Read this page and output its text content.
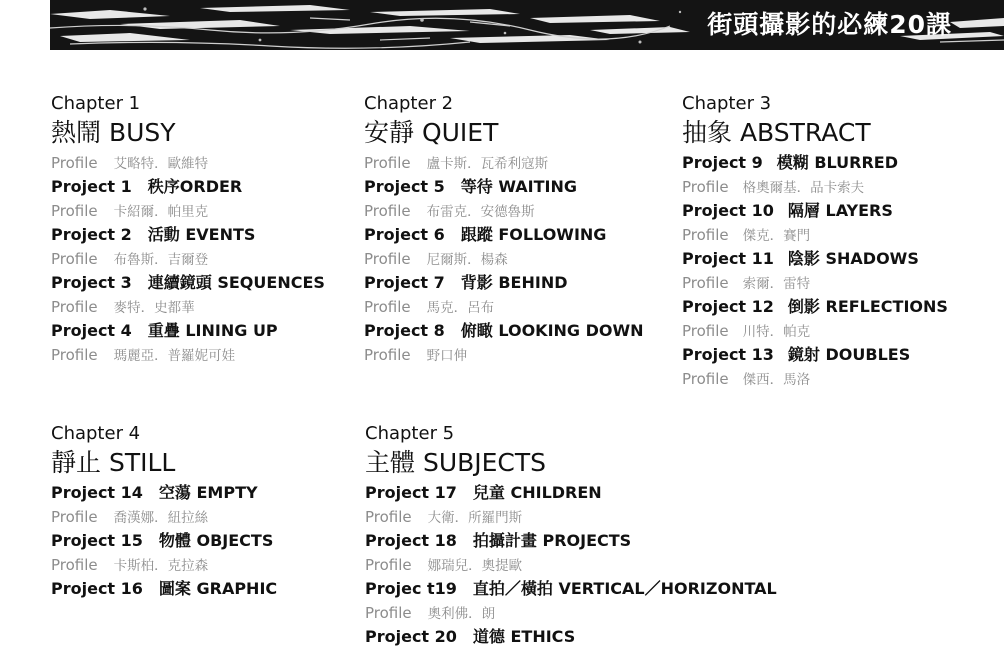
街頭攝影的必練20課
Chapter 1
熱鬧 BUSY
Profile 艾略特．歐維特
Project 1 秩序ORDER
Profile 卡紹爾．帕里克
Project 2 活動 EVENTS
Profile 布魯斯．吉爾登
Project 3 連續鏡頭 SEQUENCES
Profile 麥特．史都華
Project 4 重疊 LINING UP
Profile 瑪麗亞．普羅妮可娃
Chapter 2
安靜 QUIET
Profile 盧卡斯．瓦希利寇斯
Project 5 等待 WAITING
Profile 布雷克．安德魯斯
Project 6 跟蹤 FOLLOWING
Profile 尼爾斯．楊森
Project 7 背影 BEHIND
Profile 馬克．呂布
Project 8 俯瞰 LOOKING DOWN
Profile 野口伸
Chapter 3
抽象 ABSTRACT
Project 9 模糊 BLURRED
Profile 格奧爾基．品卡索夫
Project 10 隔層 LAYERS
Profile 傑克．賽門
Project 11 陰影 SHADOWS
Profile 索爾．雷特
Project 12 倒影 REFLECTIONS
Profile 川特．帕克
Project 13 鏡射 DOUBLES
Profile 傑西．馬洛
Chapter 4
靜止 STILL
Project 14 空蕩 EMPTY
Profile 喬漢娜．紐拉絲
Project 15 物體 OBJECTS
Profile 卡斯柏．克拉森
Project 16 圖案 GRAPHIC
Chapter 5
主體 SUBJECTS
Project 17 兒童 CHILDREN
Profile 大衛．所羅門斯
Project 18 拍攝計畫 PROJECTS
Profile 娜瑞兒．奧提歐
Projec t19 直拍／橫拍 VERTICAL／HORIZONTAL
Profile 奧利佛．朗
Project 20 道德 ETHICS
